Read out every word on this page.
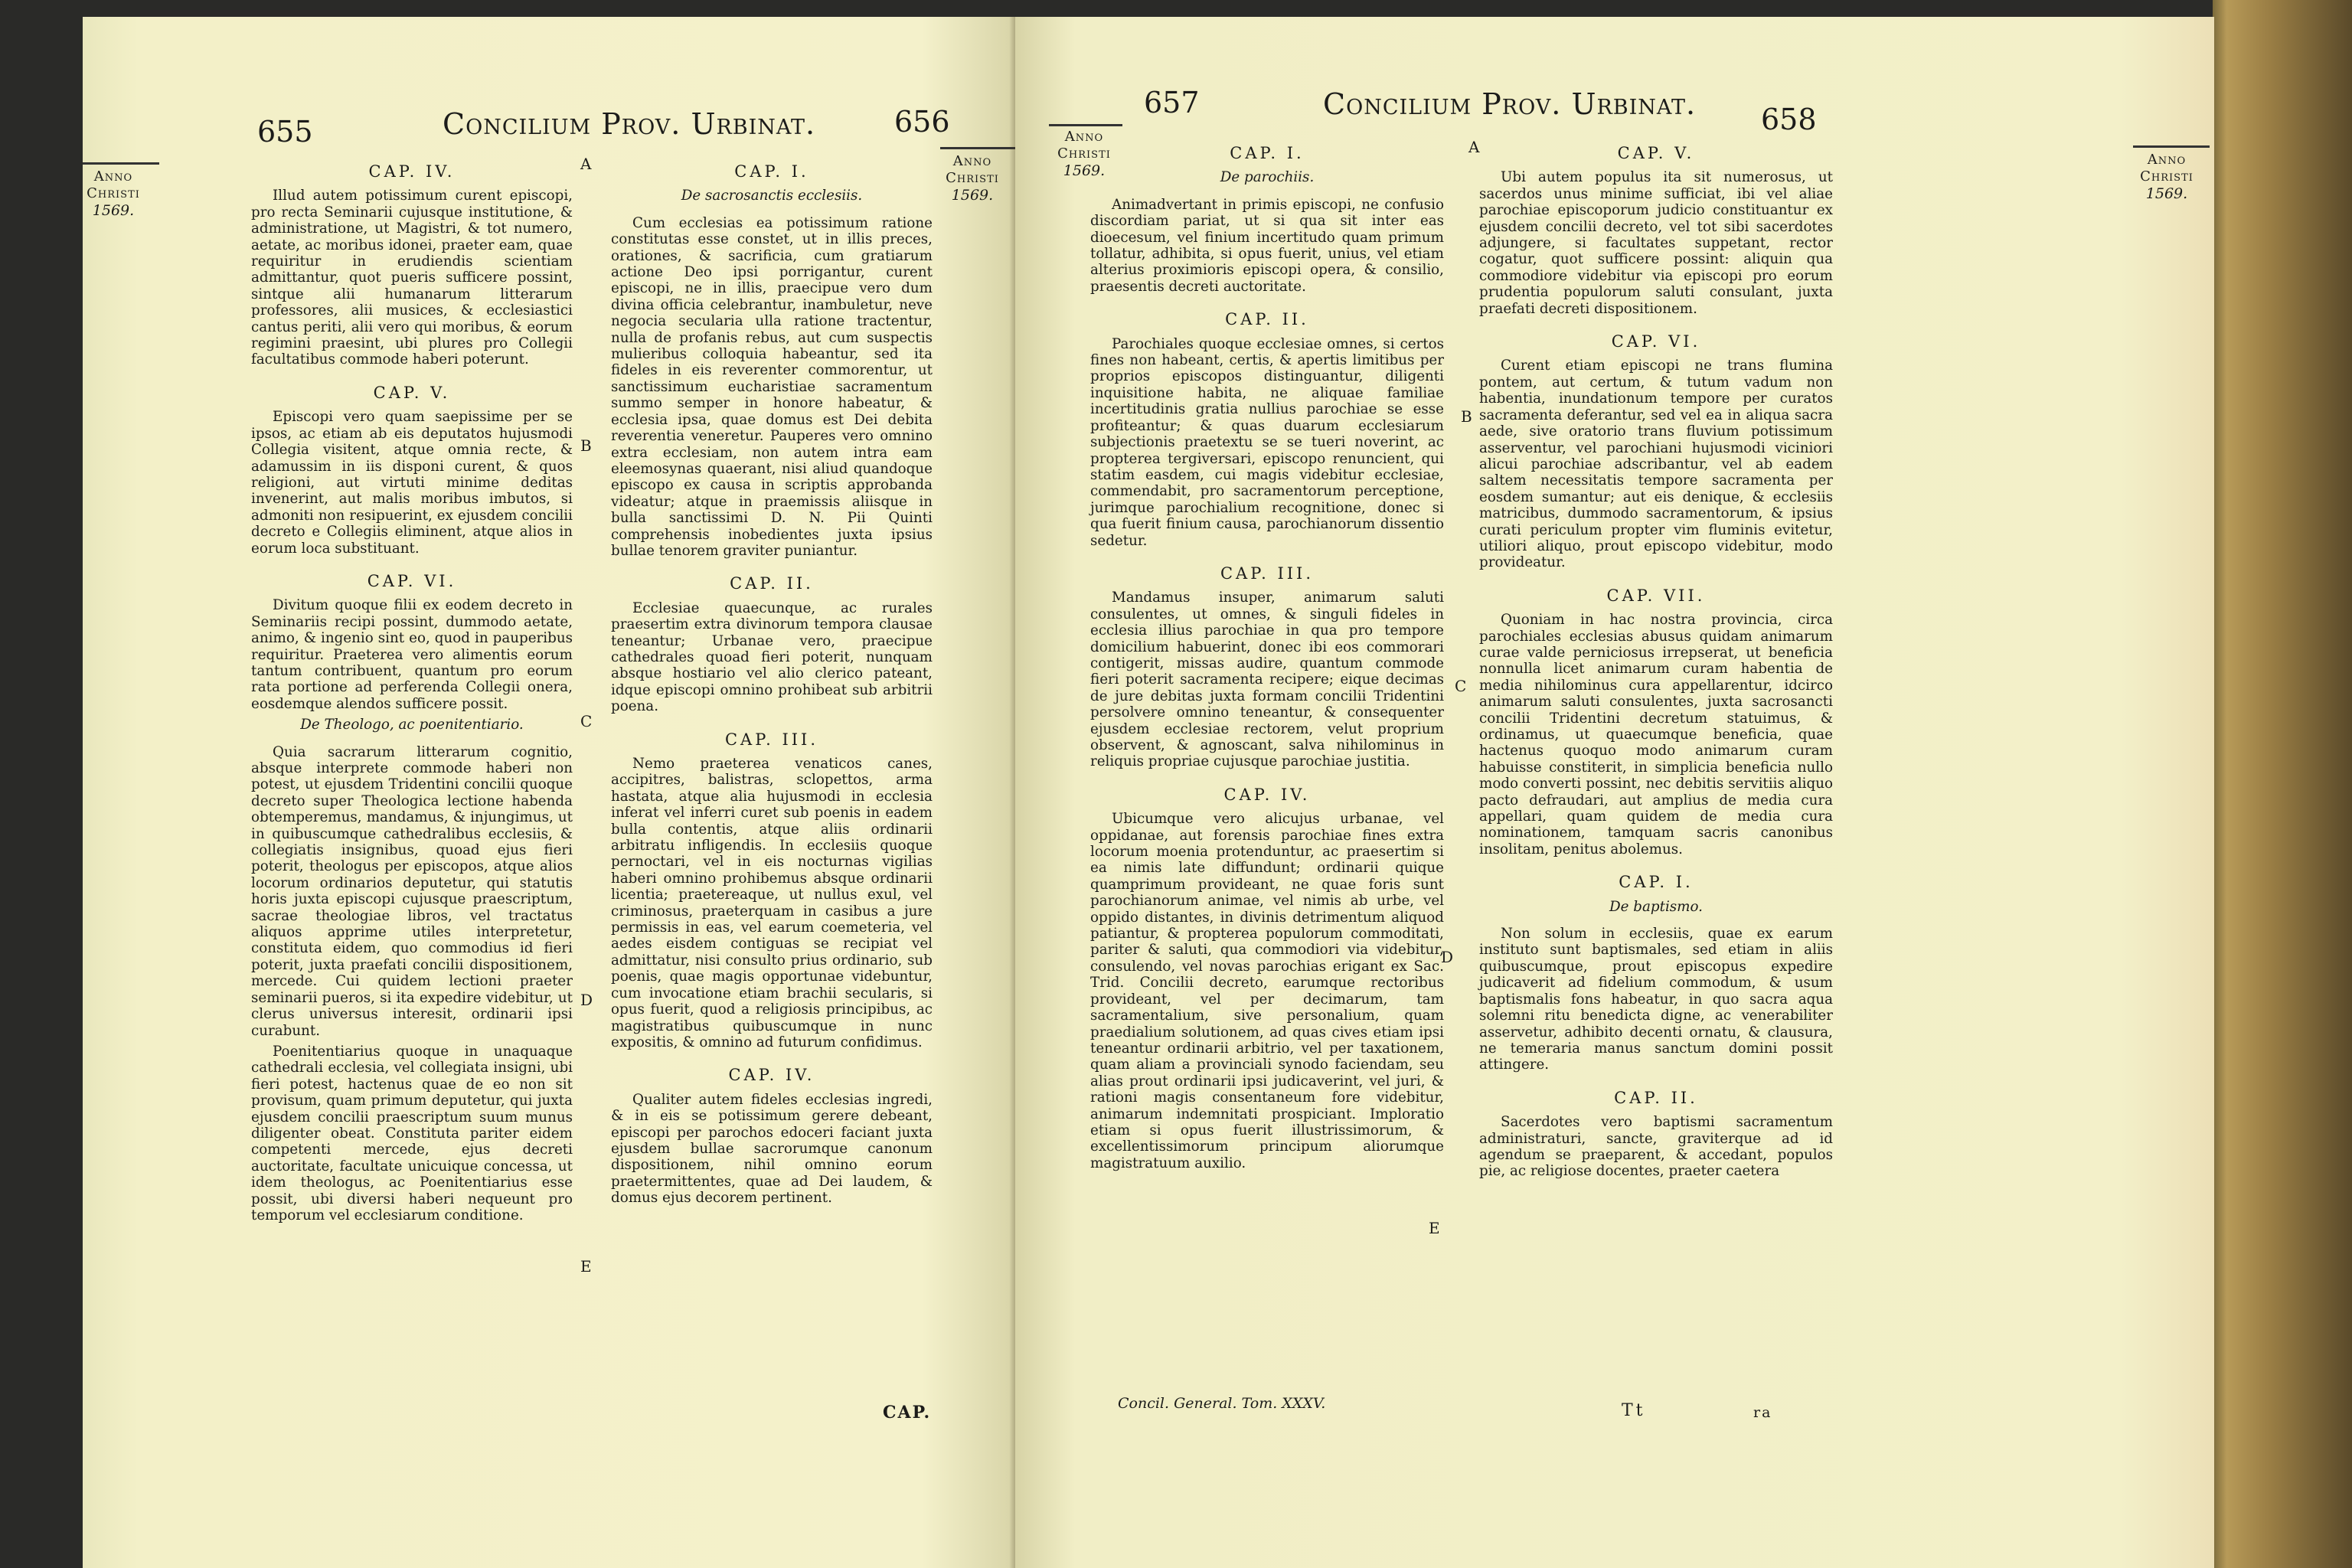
655	Concilium Prov. Urbinat.	656
Anno
Christi
1569.
Anno
Christi
1569.
A
B
C
D
E
CAP. IV.

Illud autem potissimum curent episcopi, pro recta Seminarii cujusque institutione, & administratione, ut Magistri, & tot numero, aetate, ac moribus idonei, praeter eam, quae requiritur in erudiendis scientiam admittantur, quot pueris sufficere possint, sintque alii humanarum litterarum professores, alii musices, & ecclesiastici cantus periti, alii vero qui moribus, & eorum regimini praesint, ubi plures pro Collegii facultatibus commode haberi poterunt.

CAP. V.

Episcopi vero quam saepissime per se ipsos, ac etiam ab eis deputatos hujusmodi Collegia visitent, atque omnia recte, & adamussim in iis disponi curent, & quos religioni, aut virtuti minime deditas invenerint, aut malis moribus imbutos, si admoniti non resipuerint, ex ejusdem concilii decreto e Collegiis eliminent, atque alios in eorum loca substituant.

CAP. VI.

Divitum quoque filii ex eodem decreto in Seminariis recipi possint, dummodo aetate, animo, & ingenio sint eo, quod in pauperibus requiritur. Praeterea vero alimentis eorum tantum contribuent, quantum pro eorum rata portione ad perferenda Collegii onera, eosdemque alendos sufficere possit.

De Theologo, ac poenitentiario.

Quia sacrarum litterarum cognitio, absque interprete commode haberi non potest, ut ejusdem Tridentini concilii quoque decreto super Theologica lectione habenda obtemperemus, mandamus, & injungimus, ut in quibuscumque cathedralibus ecclesiis, & collegiatis insignibus, quoad ejus fieri poterit, theologus per episcopos, atque alios locorum ordinarios deputetur, qui statutis horis juxta episcopi cujusque praescriptum, sacrae theologiae libros, vel tractatus aliquos apprime utiles interpretetur, constituta eidem, quo commodius id fieri poterit, juxta praefati concilii dispositionem, mercede. Cui quidem lectioni praeter seminarii pueros, si ita expedire videbitur, ut clerus universus interesit, ordinarii ipsi curabunt.

Poenitentiarius quoque in unaquaque cathedrali ecclesia, vel collegiata insigni, ubi fieri potest, hactenus quae de eo non sit provisum, quam primum deputetur, qui juxta ejusdem concilii praescriptum suum munus diligenter obeat. Constituta pariter eidem competenti mercede, ejus decreti auctoritate, facultate unicuique concessa, ut idem theologus, ac Poenitentiarius esse possit, ubi diversi haberi nequeunt pro temporum vel ecclesiarum conditione.

CAP. I.
De sacrosanctis ecclesiis.

Cum ecclesias ea potissimum ratione constitutas esse constet, ut in illis preces, orationes, & sacrificia, cum gratiarum actione Deo ipsi porrigantur, curent episcopi, ne in illis, praecipue vero dum divina officia celebrantur, inambuletur, neve negocia secularia ulla ratione tractentur, nulla de profanis rebus, aut cum suspectis mulieribus colloquia habeantur, sed ita fideles in eis reverenter commorentur, ut sanctissimum eucharistiae sacramentum summo semper in honore habeatur, & ecclesia ipsa, quae domus est Dei debita reverentia veneretur. Pauperes vero omnino extra ecclesiam, non autem intra eam eleemosynas quaerant, nisi aliud quandoque episcopo ex causa in scriptis approbanda videatur; atque in praemissis aliisque in bulla sanctissimi D. N. Pii Quinti comprehensis inobedientes juxta ipsius bullae tenorem graviter puniantur.

CAP. II.

Ecclesiae quaecunque, ac rurales praesertim extra divinorum tempora clausae teneantur; Urbanae vero, praecipue cathedrales quoad fieri poterit, nunquam absque hostiario vel alio clerico pateant, idque episcopi omnino prohibeat sub arbitrii poena.

CAP. III.

Nemo praeterea venaticos canes, accipitres, balistras, sclopettos, arma hastata, atque alia hujusmodi in ecclesia inferat vel inferri curet sub poenis in eadem bulla contentis, atque aliis ordinarii arbitratu infligendis. In ecclesiis quoque pernoctari, vel in eis nocturnas vigilias haberi omnino prohibemus absque ordinarii licentia; praetereaque, ut nullus exul, vel criminosus, praeterquam in casibus a jure permissis in eas, vel earum coemeteria, vel aedes eisdem contiguas se recipiat vel admittatur, nisi consulto prius ordinario, sub poenis, quae magis opportunae videbuntur, cum invocatione etiam brachii secularis, si opus fuerit, quod a religiosis principibus, ac magistratibus quibuscumque in nunc expositis, & omnino ad futurum confidimus.

CAP. IV.

Qualiter autem fideles ecclesias ingredi, & in eis se potissimum gerere debeant, episcopi per parochos edoceri faciant juxta ejusdem bullae sacrorumque canonum dispositionem, nihil omnino eorum praetermittentes, quae ad Dei laudem, & domus ejus decorem pertinent.

CAP.
Anno
Christi
1569.
Anno
Christi
1569.
657	Concilium Prov. Urbinat. 658
A
B
C
D
E
CAP. I.
De parochiis.

Animadvertant in primis episcopi, ne confusio discordiam pariat, ut si qua sit inter eas dioecesum, vel finium incertitudo quam primum tollatur, adhibita, si opus fuerit, unius, vel etiam alterius proximioris episcopi opera, & consilio, praesentis decreti auctoritate.

CAP. II.

Parochiales quoque ecclesiae omnes, si certos fines non habeant, certis, & apertis limitibus per proprios episcopos distinguantur, diligenti inquisitione habita, ne aliquae familiae incertitudinis gratia nullius parochiae se esse profiteantur; & quas duarum ecclesiarum subjectionis praetextu se se tueri noverint, ac propterea tergiversari, episcopo renuncient, qui statim easdem, cui magis videbitur ecclesiae, commendabit, pro sacramentorum perceptione, jurimque parochialium recognitione, donec si qua fuerit finium causa, parochianorum dissentio sedetur.

CAP. III.

Mandamus insuper, animarum saluti consulentes, ut omnes, & singuli fideles in ecclesia illius parochiae in qua pro tempore domicilium habuerint, donec ibi eos commorari contigerit, missas audire, quantum commode fieri poterit sacramenta recipere; eique decimas de jure debitas juxta formam concilii Tridentini persolvere omnino teneantur, & consequenter ejusdem ecclesiae rectorem, velut proprium observent, & agnoscant, salva nihilominus in reliquis propriae cujusque parochiae justitia.

CAP. IV.

Ubicumque vero alicujus urbanae, vel oppidanae, aut forensis parochiae fines extra locorum moenia protenduntur, ac praesertim si ea nimis late diffundunt; ordinarii quique quamprimum provideant, ne quae foris sunt parochianorum animae, vel nimis ab urbe, vel oppido distantes, in divinis detrimentum aliquod patiantur, & propterea populorum commoditati, pariter & saluti, qua commodiori via videbitur, consulendo, vel novas parochias erigant ex Sac. Trid. Concilii decreto, earumque rectoribus provideant, vel per decimarum, tam sacramentalium, sive personalium, quam praedialium solutionem, ad quas cives etiam ipsi teneantur ordinarii arbitrio, vel per taxationem, quam aliam a provinciali synodo faciendam, seu alias prout ordinarii ipsi judicaverint, vel juri, & rationi magis consentaneum fore videbitur, animarum indemnitati prospiciant. Imploratio etiam si opus fuerit illustrissimorum, & excellentissimorum principum aliorumque magistratuum auxilio.

CAP. V.

Ubi autem populus ita sit numerosus, ut sacerdos unus minime sufficiat, ibi vel aliae parochiae episcoporum judicio constituantur ex ejusdem concilii decreto, vel tot sibi sacerdotes adjungere, si facultates suppetant, rector cogatur, quot sufficere possint: aliquin qua commodiore videbitur via episcopi pro eorum prudentia populorum saluti consulant, juxta praefati decreti dispositionem.

CAP. VI.

Curent etiam episcopi ne trans flumina pontem, aut certum, & tutum vadum non habentia, inundationum tempore per curatos sacramenta deferantur, sed vel ea in aliqua sacra aede, sive oratorio trans fluvium potissimum asserventur, vel parochiani hujusmodi viciniori alicui parochiae adscribantur, vel ab eadem saltem necessitatis tempore sacramenta per eosdem sumantur; aut eis denique, & ecclesiis matricibus, dummodo sacramentorum, & ipsius curati periculum propter vim fluminis evitetur, utiliori aliquo, prout episcopo videbitur, modo provideatur.

CAP. VII.

Quoniam in hac nostra provincia, circa parochiales ecclesias abusus quidam animarum curae valde perniciosus irrepserat, ut beneficia nonnulla licet animarum curam habentia de media nihilominus cura appellarentur, idcirco animarum saluti consulentes, juxta sacrosancti concilii Tridentini decretum statuimus, & ordinamus, ut quaecumque beneficia, quae hactenus quoquo modo animarum curam habuisse constiterit, in simplicia beneficia nullo modo converti possint, nec debitis servitiis aliquo pacto defraudari, aut amplius de media cura appellari, quam quidem de media cura nominationem, tamquam sacris canonibus insolitam, penitus abolemus.

CAP. I.
De baptismo.

Non solum in ecclesiis, quae ex earum instituto sunt baptismales, sed etiam in aliis quibuscumque, prout episcopus expedire judicaverit ad fidelium commodum, & usum baptismalis fons habeatur, in quo sacra aqua solemni ritu benedicta digne, ac venerabiliter asservetur, adhibito decenti ornatu, & clausura, ne temeraria manus sanctum domini possit attingere.

CAP. II.

Sacerdotes vero baptismi sacramentum administraturi, sancte, graviterque ad id agendum se praeparent, & accedant, populos pie, ac religiose docentes, praeter caetera

Concil. General. Tom. XXXV.	Tt	ra
